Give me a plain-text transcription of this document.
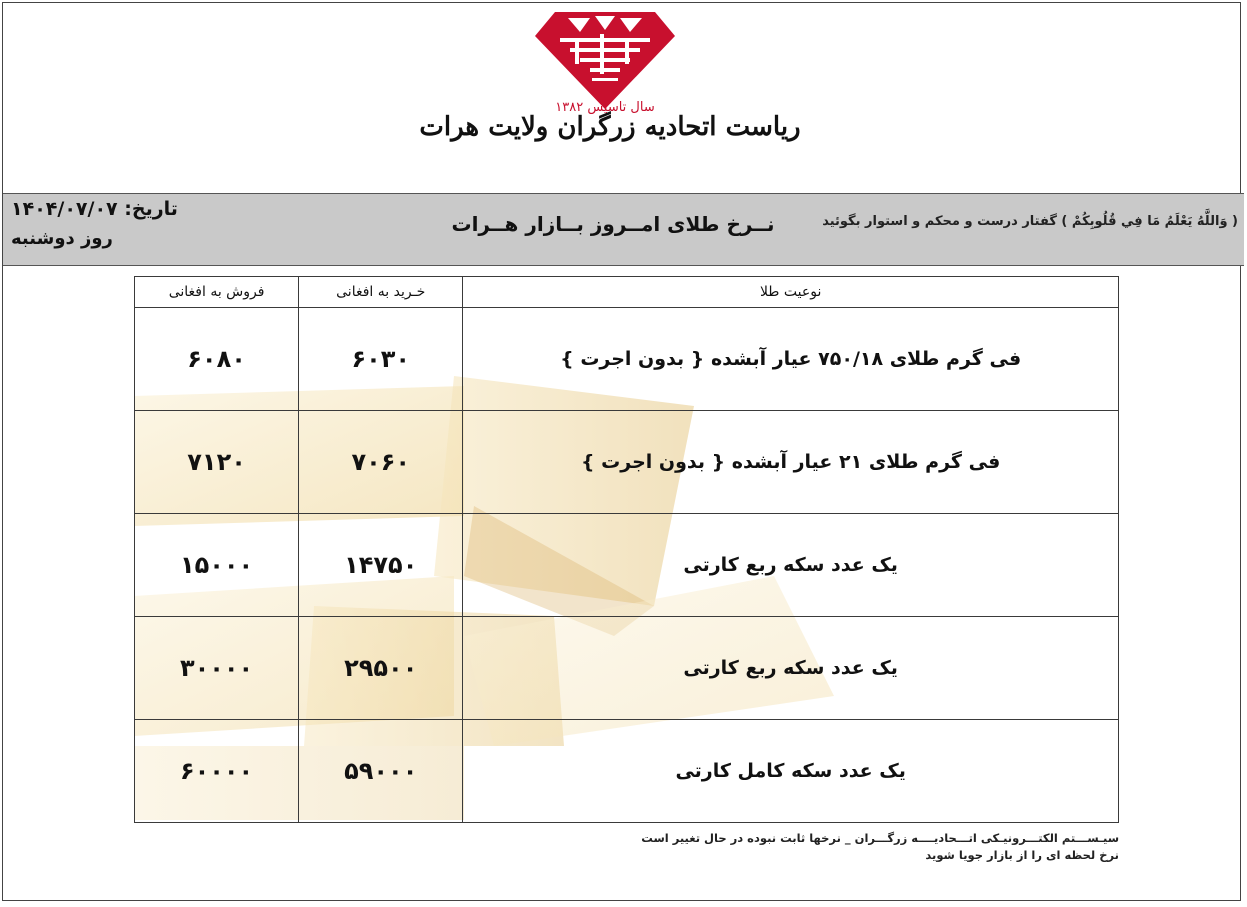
سال تاسیس ۱۳۸۲
ریاست اتحادیه زرگران ولایت هرات
تاریخ: ۱۴۰۴/۰۷/۰۷
روز دوشنبه
نــرخ طلای امــروز بــازار هــرات	( وَاللَّهُ يَعْلَمُ مَا فِي قُلُوبِكُمْ ) گفتار درست و محکم و استوار بگوئید
فروش به افغانی	خـرید به افغانی	نوعیت طلا
۶۰۸۰	۶۰۳۰	فی گرم طلای ۷۵۰/۱۸ عیار آبشده { بدون اجرت }
۷۱۲۰	۷۰۶۰	فی گرم طلای ۲۱ عیار آبشده { بدون اجرت }
۱۵۰۰۰	۱۴۷۵۰	یک عدد سکه ربع کارتی
۳۰۰۰۰	۲۹۵۰۰	یک عدد سکه ربع کارتی
۶۰۰۰۰	۵۹۰۰۰	یک عدد سکه کامل کارتی
سیـســـتم الکتـــرونیـکی اتـــحادیــــه زرگـــران _ نرخها ثابت نبوده در حال تغییر است
نرخ لحظه ای را از بازار جویا شوید
